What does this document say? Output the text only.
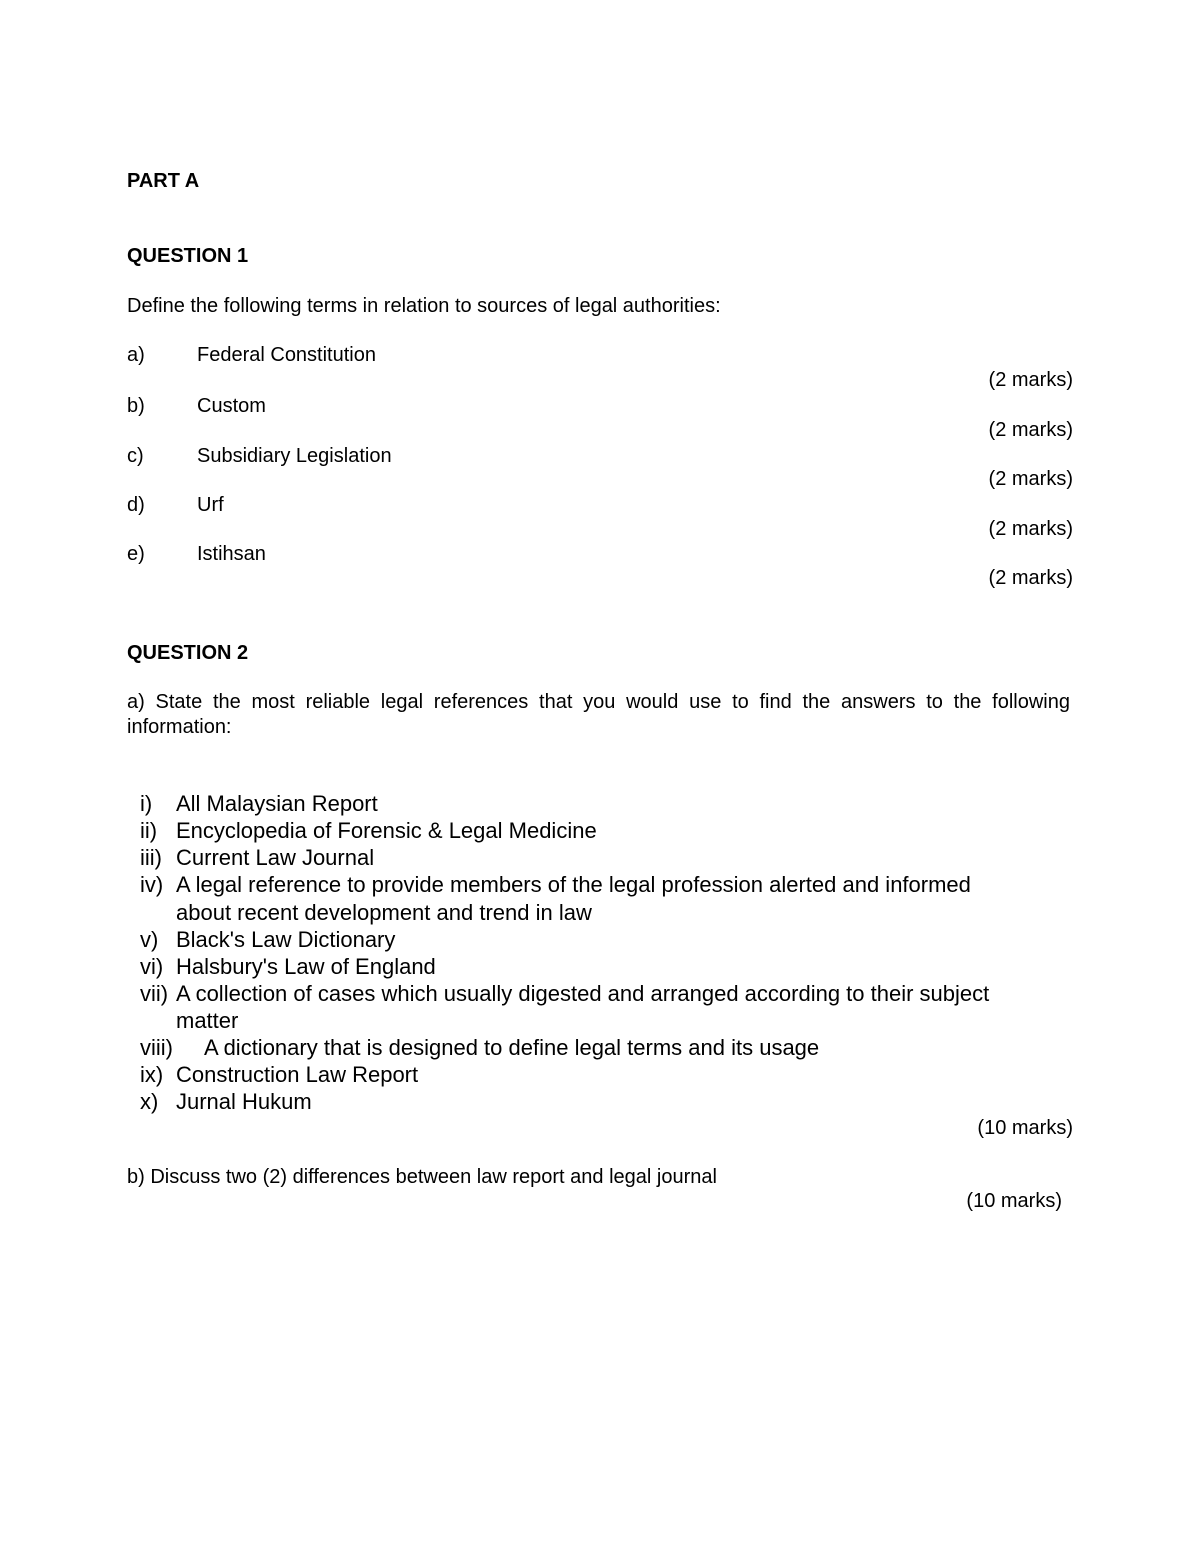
PART A
QUESTION 1
Define the following terms in relation to sources of legal authorities:
a)	Federal Constitution
(2 marks)
b)	Custom
(2 marks)
c)	Subsidiary Legislation
(2 marks)
d)	Urf
(2 marks)
e)	Istihsan
(2 marks)
QUESTION 2
a) State the most reliable legal references that you would use to find the answers to the following information:
i) All Malaysian Report
ii) Encyclopedia of Forensic & Legal Medicine
iii) Current Law Journal
iv) A legal reference to provide members of the legal profession alerted and informed
about recent development and trend in law
v) Black's Law Dictionary
vi) Halsbury's Law of England
vii) A collection of cases which usually digested and arranged according to their subject
matter
viii) A dictionary that is designed to define legal terms and its usage
ix) Construction Law Report
x) Jurnal Hukum
(10 marks)
b) Discuss two (2) differences between law report and legal journal
(10 marks)
